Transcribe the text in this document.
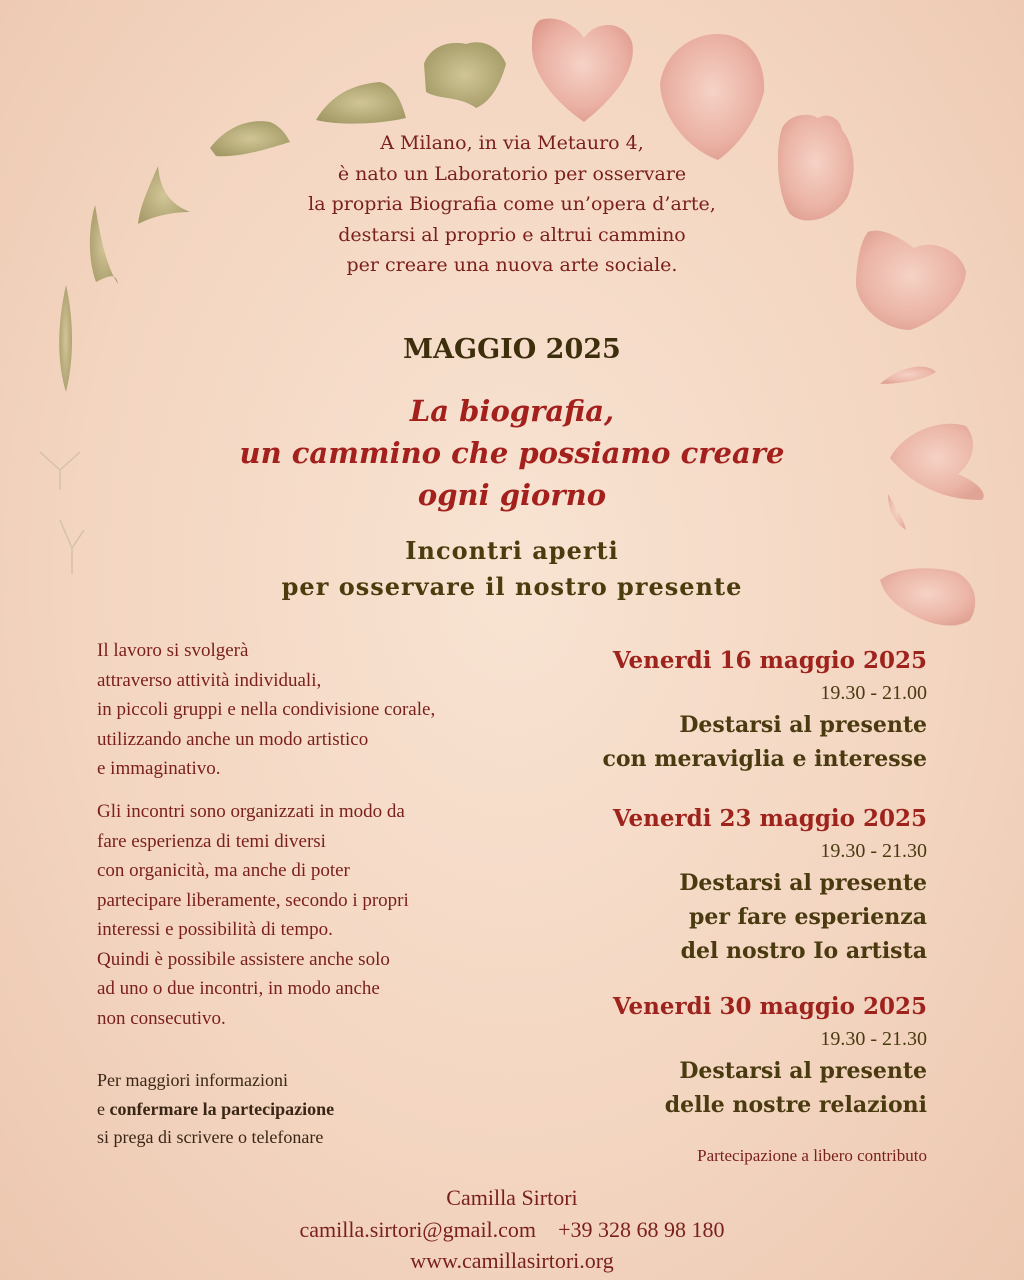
A Milano, in via Metauro 4,
è nato un Laboratorio per osservare
la propria Biografia come un’opera d’arte,
destarsi al proprio e altrui cammino
per creare una nuova arte sociale.
MAGGIO 2025
La biografia,
un cammino che possiamo creare
ogni giorno
Incontri aperti
per osservare il nostro presente
Il lavoro si svolgerà
attraverso attività individuali,
in piccoli gruppi e nella condivisione corale,
utilizzando anche un modo artistico
e immaginativo.
Gli incontri sono organizzati in modo da
fare esperienza di temi diversi
con organicità, ma anche di poter
partecipare liberamente, secondo i propri
interessi e possibilità di tempo.
Quindi è possibile assistere anche solo
ad uno o due incontri, in modo anche
non consecutivo.
Per maggiori informazioni
e confermare la partecipazione
si prega di scrivere o telefonare
Venerdi 16 maggio 2025
19.30 - 21.00
Destarsi al presente
con meraviglia e interesse
Venerdi 23 maggio 2025
19.30 - 21.30
Destarsi al presente
per fare esperienza
del nostro Io artista
Venerdi 30 maggio 2025
19.30 - 21.30
Destarsi al presente
delle nostre relazioni
Partecipazione a libero contributo
Camilla Sirtori
camilla.sirtori@gmail.com +39 328 68 98 180
www.camillasirtori.org
